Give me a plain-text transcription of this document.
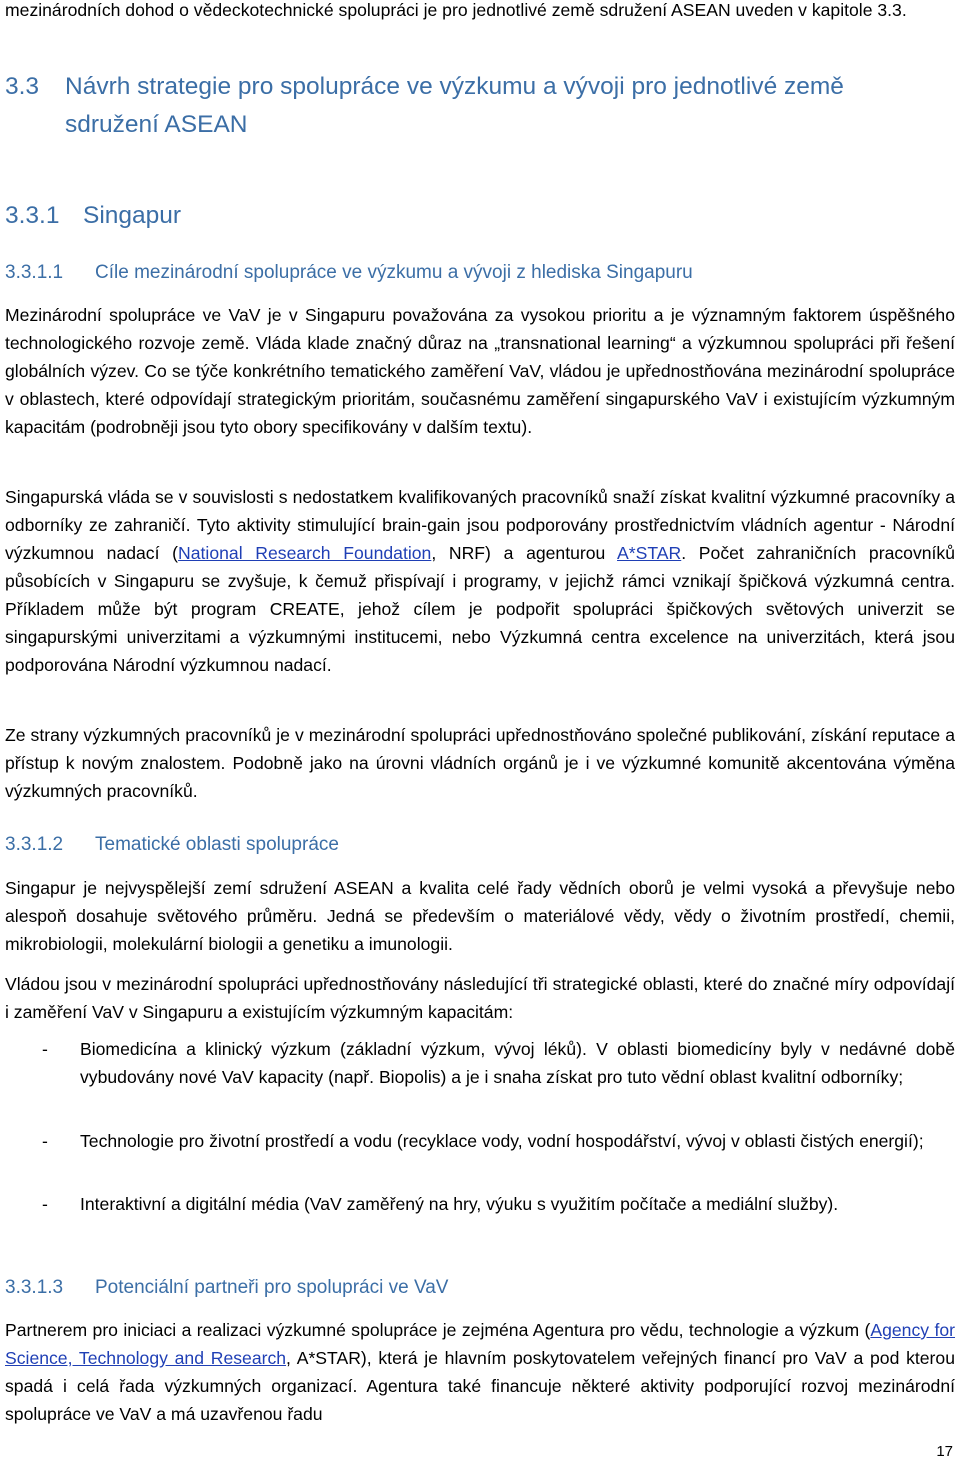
mezinárodních dohod o vědeckotechnické spolupráci je pro jednotlivé země sdružení ASEAN uveden v kapitole 3.3.

3.3 Návrh strategie pro spolupráce ve výzkumu a vývoji pro jednotlivé země
sdružení ASEAN
3.3.1 Singapur
3.3.1.1 Cíle mezinárodní spolupráce ve výzkumu a vývoji z hlediska Singapuru

Mezinárodní spolupráce ve VaV je v Singapuru považována za vysokou prioritu a je významným faktorem úspěšného technologického rozvoje země. Vláda klade značný důraz na „transnational learning“ a výzkumnou spolupráci při řešení globálních výzev. Co se týče konkrétního tematického zaměření VaV, vládou je upřednostňována mezinárodní spolupráce v oblastech, které odpovídají strategickým prioritám, současnému zaměření singapurského VaV i existujícím výzkumným kapacitám (podrobněji jsou tyto obory specifikovány v dalším textu).

Singapurská vláda se v souvislosti s nedostatkem kvalifikovaných pracovníků snaží získat kvalitní výzkumné pracovníky a odborníky ze zahraničí. Tyto aktivity stimulující brain-gain jsou podporovány prostřednictvím vládních agentur - Národní výzkumnou nadací (National Research Foundation, NRF) a agenturou A*STAR. Počet zahraničních pracovníků působících v Singapuru se zvyšuje, k čemuž přispívají i programy, v jejichž rámci vznikají špičková výzkumná centra. Příkladem může být program CREATE, jehož cílem je podpořit spolupráci špičkových světových univerzit se singapurskými univerzitami a výzkumnými institucemi, nebo Výzkumná centra excelence na univerzitách, která jsou podporována Národní výzkumnou nadací.

Ze strany výzkumných pracovníků je v mezinárodní spolupráci upřednostňováno společné publikování, získání reputace a přístup k novým znalostem. Podobně jako na úrovni vládních orgánů je i ve výzkumné komunitě akcentována výměna výzkumných pracovníků.

3.3.1.2 Tematické oblasti spolupráce

Singapur je nejvyspělejší zemí sdružení ASEAN a kvalita celé řady vědních oborů je velmi vysoká a převyšuje nebo alespoň dosahuje světového průměru. Jedná se především o materiálové vědy, vědy o životním prostředí, chemii, mikrobiologii, molekulární biologii a genetiku a imunologii.

Vládou jsou v mezinárodní spolupráci upřednostňovány následující tři strategické oblasti, které do značné míry odpovídají i zaměření VaV v Singapuru a existujícím výzkumným kapacitám:

- Biomedicína a klinický výzkum (základní výzkum, vývoj léků). V oblasti biomedicíny byly v nedávné době vybudovány nové VaV kapacity (např. Biopolis) a je i snaha získat pro tuto vědní oblast kvalitní odborníky;
- Technologie pro životní prostředí a vodu (recyklace vody, vodní hospodářství, vývoj v oblasti čistých energií);
- Interaktivní a digitální média (VaV zaměřený na hry, výuku s využitím počítače a mediální služby).
3.3.1.3 Potenciální partneři pro spolupráci ve VaV

Partnerem pro iniciaci a realizaci výzkumné spolupráce je zejména Agentura pro vědu, technologie a výzkum (Agency for Science, Technology and Research, A*STAR), která je hlavním poskytovatelem veřejných financí pro VaV a pod kterou spadá i celá řada výzkumných organizací. Agentura také financuje některé aktivity podporující rozvoj mezinárodní spolupráce ve VaV a má uzavřenou řadu

17
